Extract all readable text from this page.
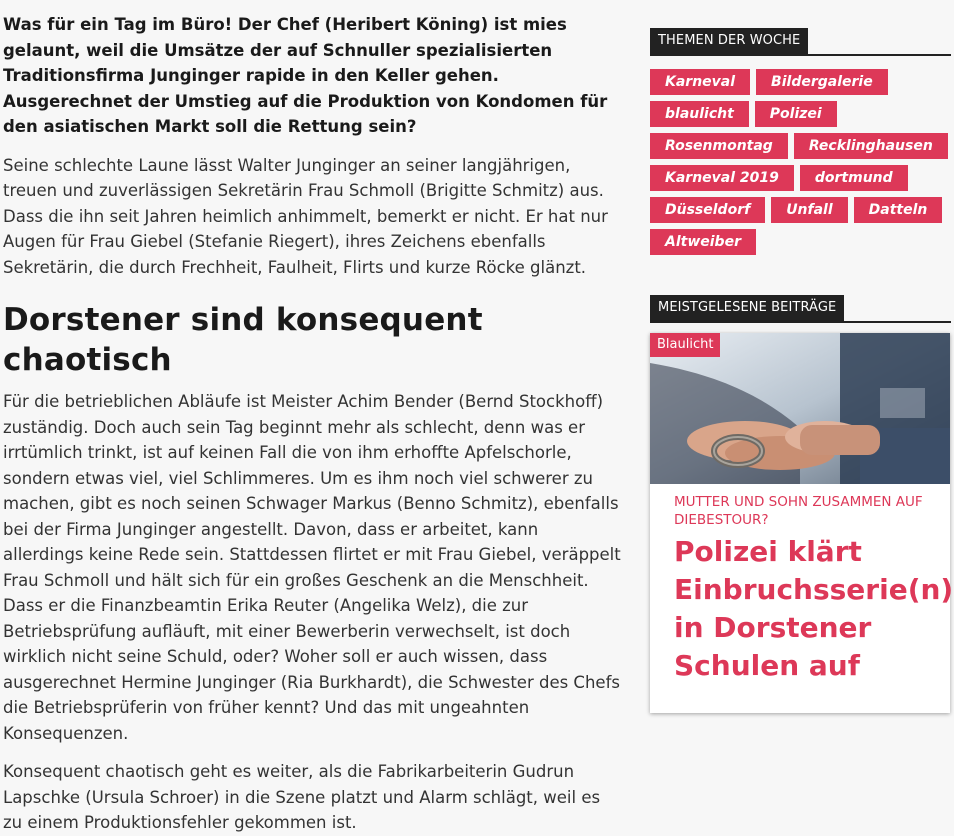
Was für ein Tag im Büro! Der Chef (Heribert Köning) ist mies gelaunt, weil die Umsätze der auf Schnuller spezialisierten Traditionsfirma Junginger rapide in den Keller gehen. Ausgerechnet der Umstieg auf die Produktion von Kondomen für den asiatischen Markt soll die Rettung sein?

Seine schlechte Laune lässt Walter Junginger an seiner langjährigen, treuen und zuverlässigen Sekretärin Frau Schmoll (Brigitte Schmitz) aus. Dass die ihn seit Jahren heimlich anhimmelt, bemerkt er nicht. Er hat nur Augen für Frau Giebel (Stefanie Riegert), ihres Zeichens ebenfalls Sekretärin, die durch Frechheit, Faulheit, Flirts und kurze Röcke glänzt.

Dorstener sind konsequent chaotisch

Für die betrieblichen Abläufe ist Meister Achim Bender (Bernd Stockhoff) zuständig. Doch auch sein Tag beginnt mehr als schlecht, denn was er irrtümlich trinkt, ist auf keinen Fall die von ihm erhoffte Apfelschorle, sondern etwas viel, viel Schlimmeres. Um es ihm noch viel schwerer zu machen, gibt es noch seinen Schwager Markus (Benno Schmitz), ebenfalls bei der Firma Junginger angestellt. Davon, dass er arbeitet, kann allerdings keine Rede sein. Stattdessen flirtet er mit Frau Giebel, veräppelt Frau Schmoll und hält sich für ein großes Geschenk an die Menschheit. Dass er die Finanzbeamtin Erika Reuter (Angelika Welz), die zur Betriebsprüfung aufläuft, mit einer Bewerberin verwechselt, ist doch wirklich nicht seine Schuld, oder? Woher soll er auch wissen, dass ausgerechnet Hermine Junginger (Ria Burkhardt), die Schwester des Chefs die Betriebsprüferin von früher kennt? Und das mit ungeahnten Konsequenzen.

Konsequent chaotisch geht es weiter, als die Fabrikarbeiterin Gudrun Lapschke (Ursula Schroer) in die Szene platzt und Alarm schlägt, weil es zu einem Produktionsfehler gekommen ist.

THEMEN DER WOCHE
Karneval	Bildergalerie
blaulicht	Polizei
Rosenmontag	Recklinghausen
Karneval 2019	dortmund
Düsseldorf	Unfall	Datteln
Altweiber
MEISTGELESENE BEITRÄGE
Blaulicht
MUTTER UND SOHN ZUSAMMEN AUF DIEBESTOUR?
Polizei klärt Einbruchsserie(n) in Dorstener Schulen auf
